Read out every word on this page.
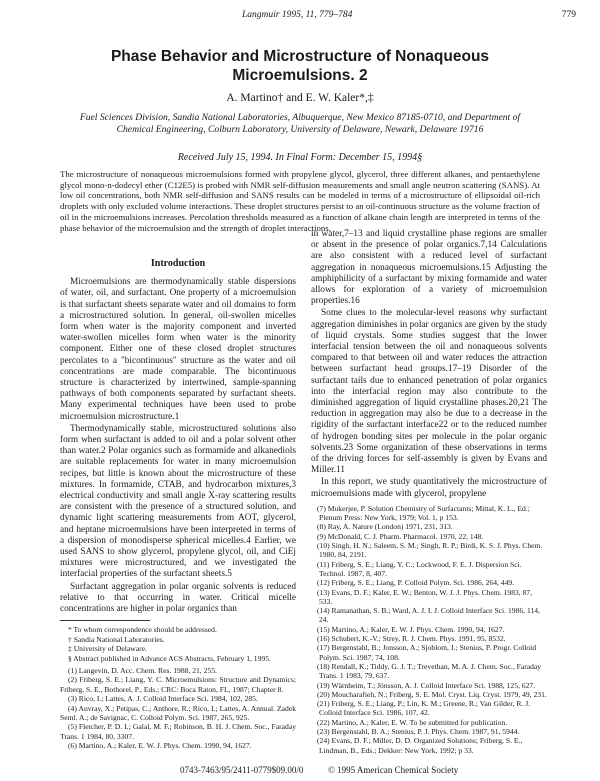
Langmuir 1995, 11, 779–784	779
Phase Behavior and Microstructure of Nonaqueous Microemulsions. 2
A. Martino† and E. W. Kaler*,‡
Fuel Sciences Division, Sandia National Laboratories, Albuquerque, New Mexico 87185-0710, and Department of Chemical Engineering, Colburn Laboratory, University of Delaware, Newark, Delaware 19716
Received July 15, 1994. In Final Form: December 15, 1994§
The microstructure of nonaqueous microemulsions formed with propylene glycol, glycerol, three different alkanes, and pentaethylene glycol mono-n-dodecyl ether (C12E5) is probed with NMR self-diffusion measurements and small angle neutron scattering (SANS). At low oil concentrations, both NMR self-diffusion and SANS results can be modeled in terms of a microstructure of ellipsoidal oil-rich droplets with only excluded volume interactions. These droplet structures persist to an oil-continuous structure as the volume fraction of oil in the microemulsions increases. Percolation thresholds measured as a function of alkane chain length are interpreted in terms of the phase behavior of the microemulsion and the strength of droplet interactions.
Introduction

Microemulsions are thermodynamically stable dispersions of water, oil, and surfactant. One property of a microemulsion is that surfactant sheets separate water and oil domains to form a microstructured solution. In general, oil-swollen micelles form when water is the majority component and inverted water-swollen micelles form when water is the minority component. Either one of these closed droplet structures percolates to a "bicontinuous" structure as the water and oil concentrations are made comparable. The bicontinuous structure is characterized by intertwined, sample-spanning pathways of both components separated by surfactant sheets. Many experimental techniques have been used to probe microemulsion microstructure.1

Thermodynamically stable, microstructured solutions also form when surfactant is added to oil and a polar solvent other than water.2 Polar organics such as formamide and alkanediols are suitable replacements for water in many microemulsion recipes, but little is known about the microstructure of these mixtures. In formamide, CTAB, and hydrocarbon mixtures,3 electrical conductivity and small angle X-ray scattering results are consistent with the presence of a structured solution, and dynamic light scattering measurements from AOT, glycerol, and heptane microemulsions have been interpreted in terms of a dispersion of monodisperse spherical micelles.4 Earlier, we used SANS to show glycerol, propylene glycol, oil, and CiEj mixtures were microstructured, and we investigated the interfacial properties of the surfactant sheets.5

Surfactant aggregation in polar organic solvents is reduced relative to that occurring in water. Critical micelle concentrations are higher in polar organics than

* To whom correspondence should be addressed.
† Sandia National Laboratories.
‡ University of Delaware.
§ Abstract published in Advance ACS Abstracts, February 1, 1995.
(1) Langevin, D. Acc. Chem. Res. 1988, 21, 255.
(2) Friberg, S. E.; Liang, Y. C. Microemulsions: Structure and Dynamics; Friberg, S. E., Bothorel, P., Eds.; CRC: Boca Raton, FL, 1987; Chapter 8.
(3) Rico, I.; Lattes, A. J. Colloid Interface Sci. 1984, 102, 285.
(4) Auvray, X.; Petipas, C.; Anthore, R.; Rico, I.; Lattes, A. Annual. Zadek Seml. A.; de Savignac, C. Colloid Polym. Sci. 1987, 265, 925.
(5) Fletcher, P. D. I.; Galal, M. F.; Robinson, B. H. J. Chem. Soc., Faraday Trans. 1 1984, 80, 3307.
(6) Martino, A.; Kaler, E. W. J. Phys. Chem. 1990, 94, 1627.

in water,7–13 and liquid crystalline phase regions are smaller or absent in the presence of polar organics.7,14 Calculations are also consistent with a reduced level of surfactant aggregation in nonaqueous microemulsions.15 Adjusting the amphiphilicity of a surfactant by mixing formamide and water allows for exploration of a variety of microemulsion properties.16

Some clues to the molecular-level reasons why surfactant aggregation diminishes in polar organics are given by the study of liquid crystals. Some studies suggest that the lower interfacial tension between the oil and nonaqueous solvents compared to that between oil and water reduces the attraction between surfactant head groups.17–19 Disorder of the surfactant tails due to enhanced penetration of polar organics into the interfacial region may also contribute to the diminished aggregation of liquid crystalline phases.20,21 The reduction in aggregation may also be due to a decrease in the rigidity of the surfactant interface22 or to the reduced number of hydrogen bonding sites per molecule in the polar organic solvents.23 Some organization of these observations in terms of the driving forces for self-assembly is given by Evans and Miller.11

In this report, we study quantitatively the microstructure of microemulsions made with glycerol, propylene

(7) Mukerjee, P. Solution Chemistry of Surfactants; Mittal, K. L., Ed.; Plenum Press: New York, 1979; Vol. 1, p 153.
(8) Ray, A. Nature (London) 1971, 231, 313.
(9) McDonald, C. J. Pharm. Pharmacol. 1970, 22, 148.
(10) Singh, H. N.; Saleem, S. M.; Singh, R. P.; Birdi, K. S. J. Phys. Chem. 1980, 84, 2191.
(11) Friberg, S. E.; Liang, Y. C.; Lockwood, F. E. J. Dispersion Sci. Technol. 1987, 8, 407.
(12) Friberg, S. E.; Liang, P. Colloid Polym. Sci. 1986, 264, 449.
(13) Evans, D. F.; Kaler, E. W.; Benton, W. J. J. Phys. Chem. 1983, 87, 533.
(14) Ramanathan, S. B.; Ward, A. J. I. J. Colloid Interface Sci. 1986, 114, 24.
(15) Martino, A.; Kaler, E. W. J. Phys. Chem. 1990, 94, 1627.
(16) Schubert, K.-V.; Strey, R. J. Chem. Phys. 1991, 95, 8532.
(17) Bergenstahl, B.; Jonsson, A.; Sjoblom, J.; Stenius, P. Progr. Colloid Polym. Sci. 1987, 74, 108.
(18) Rendall, K.; Tiddy, G. J. T.; Trevethan, M. A. J. Chem. Soc., Faraday Trans. 1 1983, 79, 637.
(19) Wärnheim, T.; Jönsson, A. J. Colloid Interface Sci. 1988, 125, 627.
(20) Moucharafieh, N.; Friberg, S. E. Mol. Cryst. Liq. Cryst. 1979, 49, 231.
(21) Friberg, S. E.; Liang, P.; Lin, K. M.; Greene, R.; Van Gilder, R. J. Colloid Interface Sci. 1986, 107, 42.
(22) Martino, A.; Kaler, E. W. To be submitted for publication.
(23) Bergenstahl, B. A.; Stenius, P. J. Phys. Chem. 1987, 91, 5944.
(24) Evans, D. F.; Miller, D. D. Organized Solutions; Friberg, S. E., Lindman, B., Eds.; Dekker: New York, 1992; p 33.
0743-7463/95/2411-0779$09.00/0	© 1995 American Chemical Society
